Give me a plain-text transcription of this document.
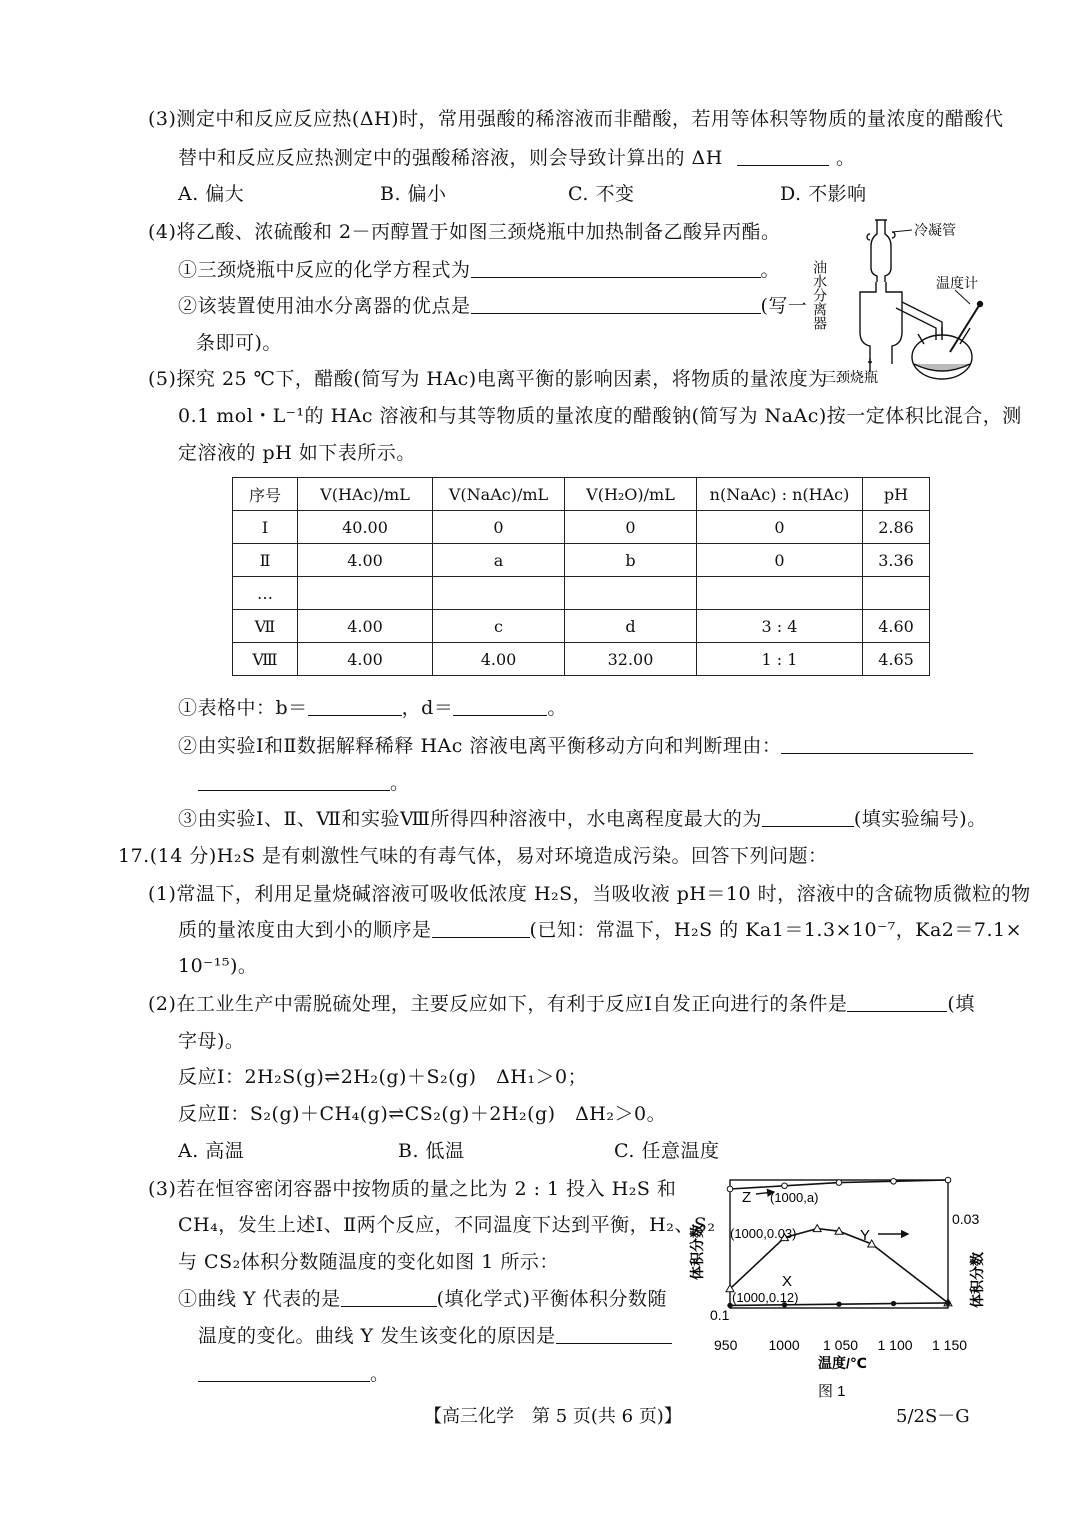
(3)测定中和反应反应热(ΔH)时，常用强酸的稀溶液而非醋酸，若用等体积等物质的量浓度的醋酸代
替中和反应反应热测定中的强酸稀溶液，则会导致计算出的 ΔH	。
A. 偏大	B. 偏小	C. 不变	D. 不影响
(4)将乙酸、浓硫酸和 2－丙醇置于如图三颈烧瓶中加热制备乙酸异丙酯。
①三颈烧瓶中反应的化学方程式为	。
②该装置使用油水分离器的优点是	(写一
条即可)。
冷凝管
温度计
三颈烧瓶
油水分离器
(5)探究 25 ℃下，醋酸(简写为 HAc)电离平衡的影响因素，将物质的量浓度为
0.1 mol・L⁻¹的 HAc 溶液和与其等物质的量浓度的醋酸钠(简写为 NaAc)按一定体积比混合，测
定溶液的 pH 如下表所示。
序号	V(HAc)/mL	V(NaAc)/mL	V(H₂O)/mL	n(NaAc) : n(HAc)	pH
Ⅰ	40.00	0	0	0	2.86
Ⅱ	4.00	a	b	0	3.36
…					
Ⅶ	4.00	c	d	3 : 4	4.60
Ⅷ	4.00	4.00	32.00	1 : 1	4.65
①表格中：b＝	，d＝	。
②由实验Ⅰ和Ⅱ数据解释稀释 HAc 溶液电离平衡移动方向和判断理由：
。
③由实验Ⅰ、Ⅱ、Ⅶ和实验Ⅷ所得四种溶液中，水电离程度最大的为	(填实验编号)。
17.(14 分)H₂S 是有刺激性气味的有毒气体，易对环境造成污染。回答下列问题：
(1)常温下，利用足量烧碱溶液可吸收低浓度 H₂S，当吸收液 pH＝10 时，溶液中的含硫物质微粒的物
质的量浓度由大到小的顺序是	(已知：常温下，H₂S 的 Ka1＝1.3×10⁻⁷，Ka2＝7.1×
10⁻¹⁵)。
(2)在工业生产中需脱硫处理，主要反应如下，有利于反应Ⅰ自发正向进行的条件是	(填
字母)。
反应Ⅰ：2H₂S(g)⇌2H₂(g)＋S₂(g)　ΔH₁＞0；
反应Ⅱ：S₂(g)＋CH₄(g)⇌CS₂(g)＋2H₂(g)　ΔH₂＞0。
A. 高温	B. 低温	C. 任意温度
(3)若在恒容密闭容器中按物质的量之比为 2 : 1 投入 H₂S 和
CH₄，发生上述Ⅰ、Ⅱ两个反应，不同温度下达到平衡，H₂、S₂
与 CS₂体积分数随温度的变化如图 1 所示：
①曲线 Y 代表的是	(填化学式)平衡体积分数随
温度的变化。曲线 Y 发生该变化的原因是
。
950 1000 1 050 1 100 1 150
Z
Y
X
(1000,a)
(1000,0.03)
(1000,0.12)
0.1
0.03
体积分数	体积分数
温度/℃
图 1
【高三化学　第 5 页(共 6 页)】	5/2S－G
